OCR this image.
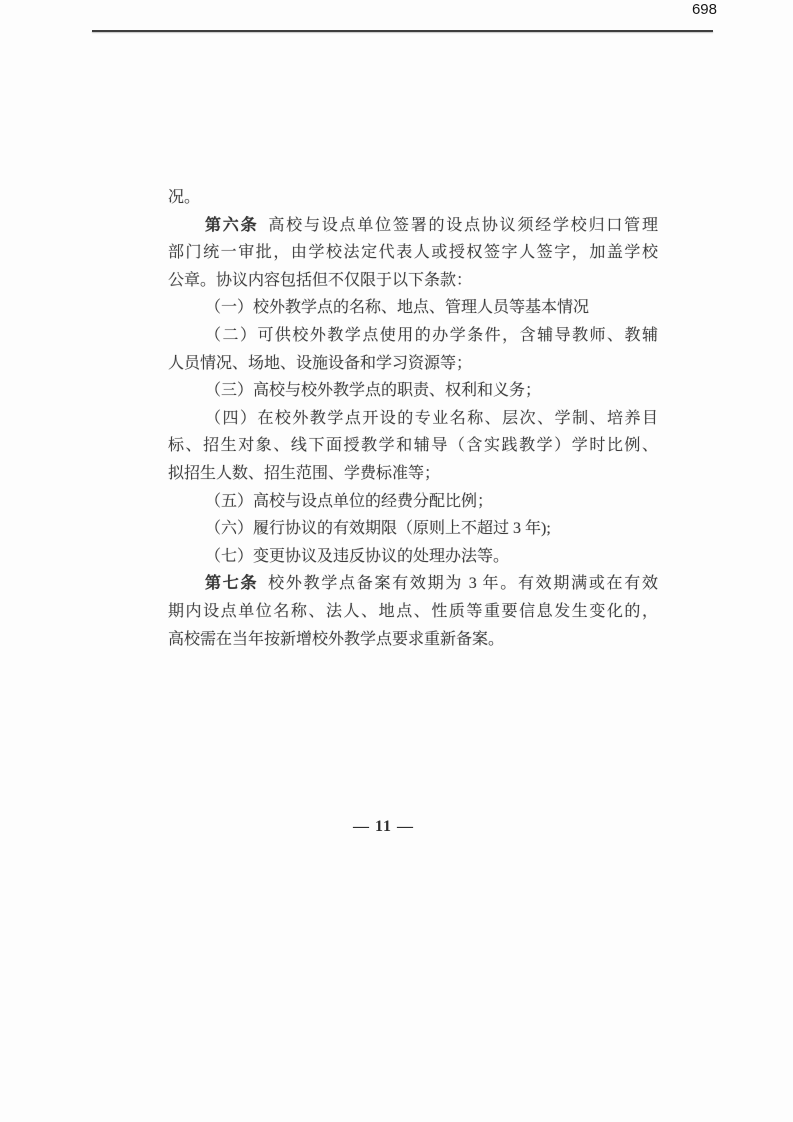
698

况。

第六条 高校与设点单位签署的设点协议须经学校归口管理

部门统一审批，由学校法定代表人或授权签字人签字，加盖学校

公章。协议内容包括但不仅限于以下条款：

（一）校外教学点的名称、地点、管理人员等基本情况

（二）可供校外教学点使用的办学条件，含辅导教师、教辅

人员情况、场地、设施设备和学习资源等；

（三）高校与校外教学点的职责、权利和义务；

（四）在校外教学点开设的专业名称、层次、学制、培养目

标、招生对象、线下面授教学和辅导（含实践教学）学时比例、

拟招生人数、招生范围、学费标准等；

（五）高校与设点单位的经费分配比例；

（六）履行协议的有效期限（原则上不超过 3 年);

（七）变更协议及违反协议的处理办法等。

第七条 校外教学点备案有效期为 3 年。有效期满或在有效

期内设点单位名称、法人、地点、性质等重要信息发生变化的，

高校需在当年按新增校外教学点要求重新备案。

— 11 —
